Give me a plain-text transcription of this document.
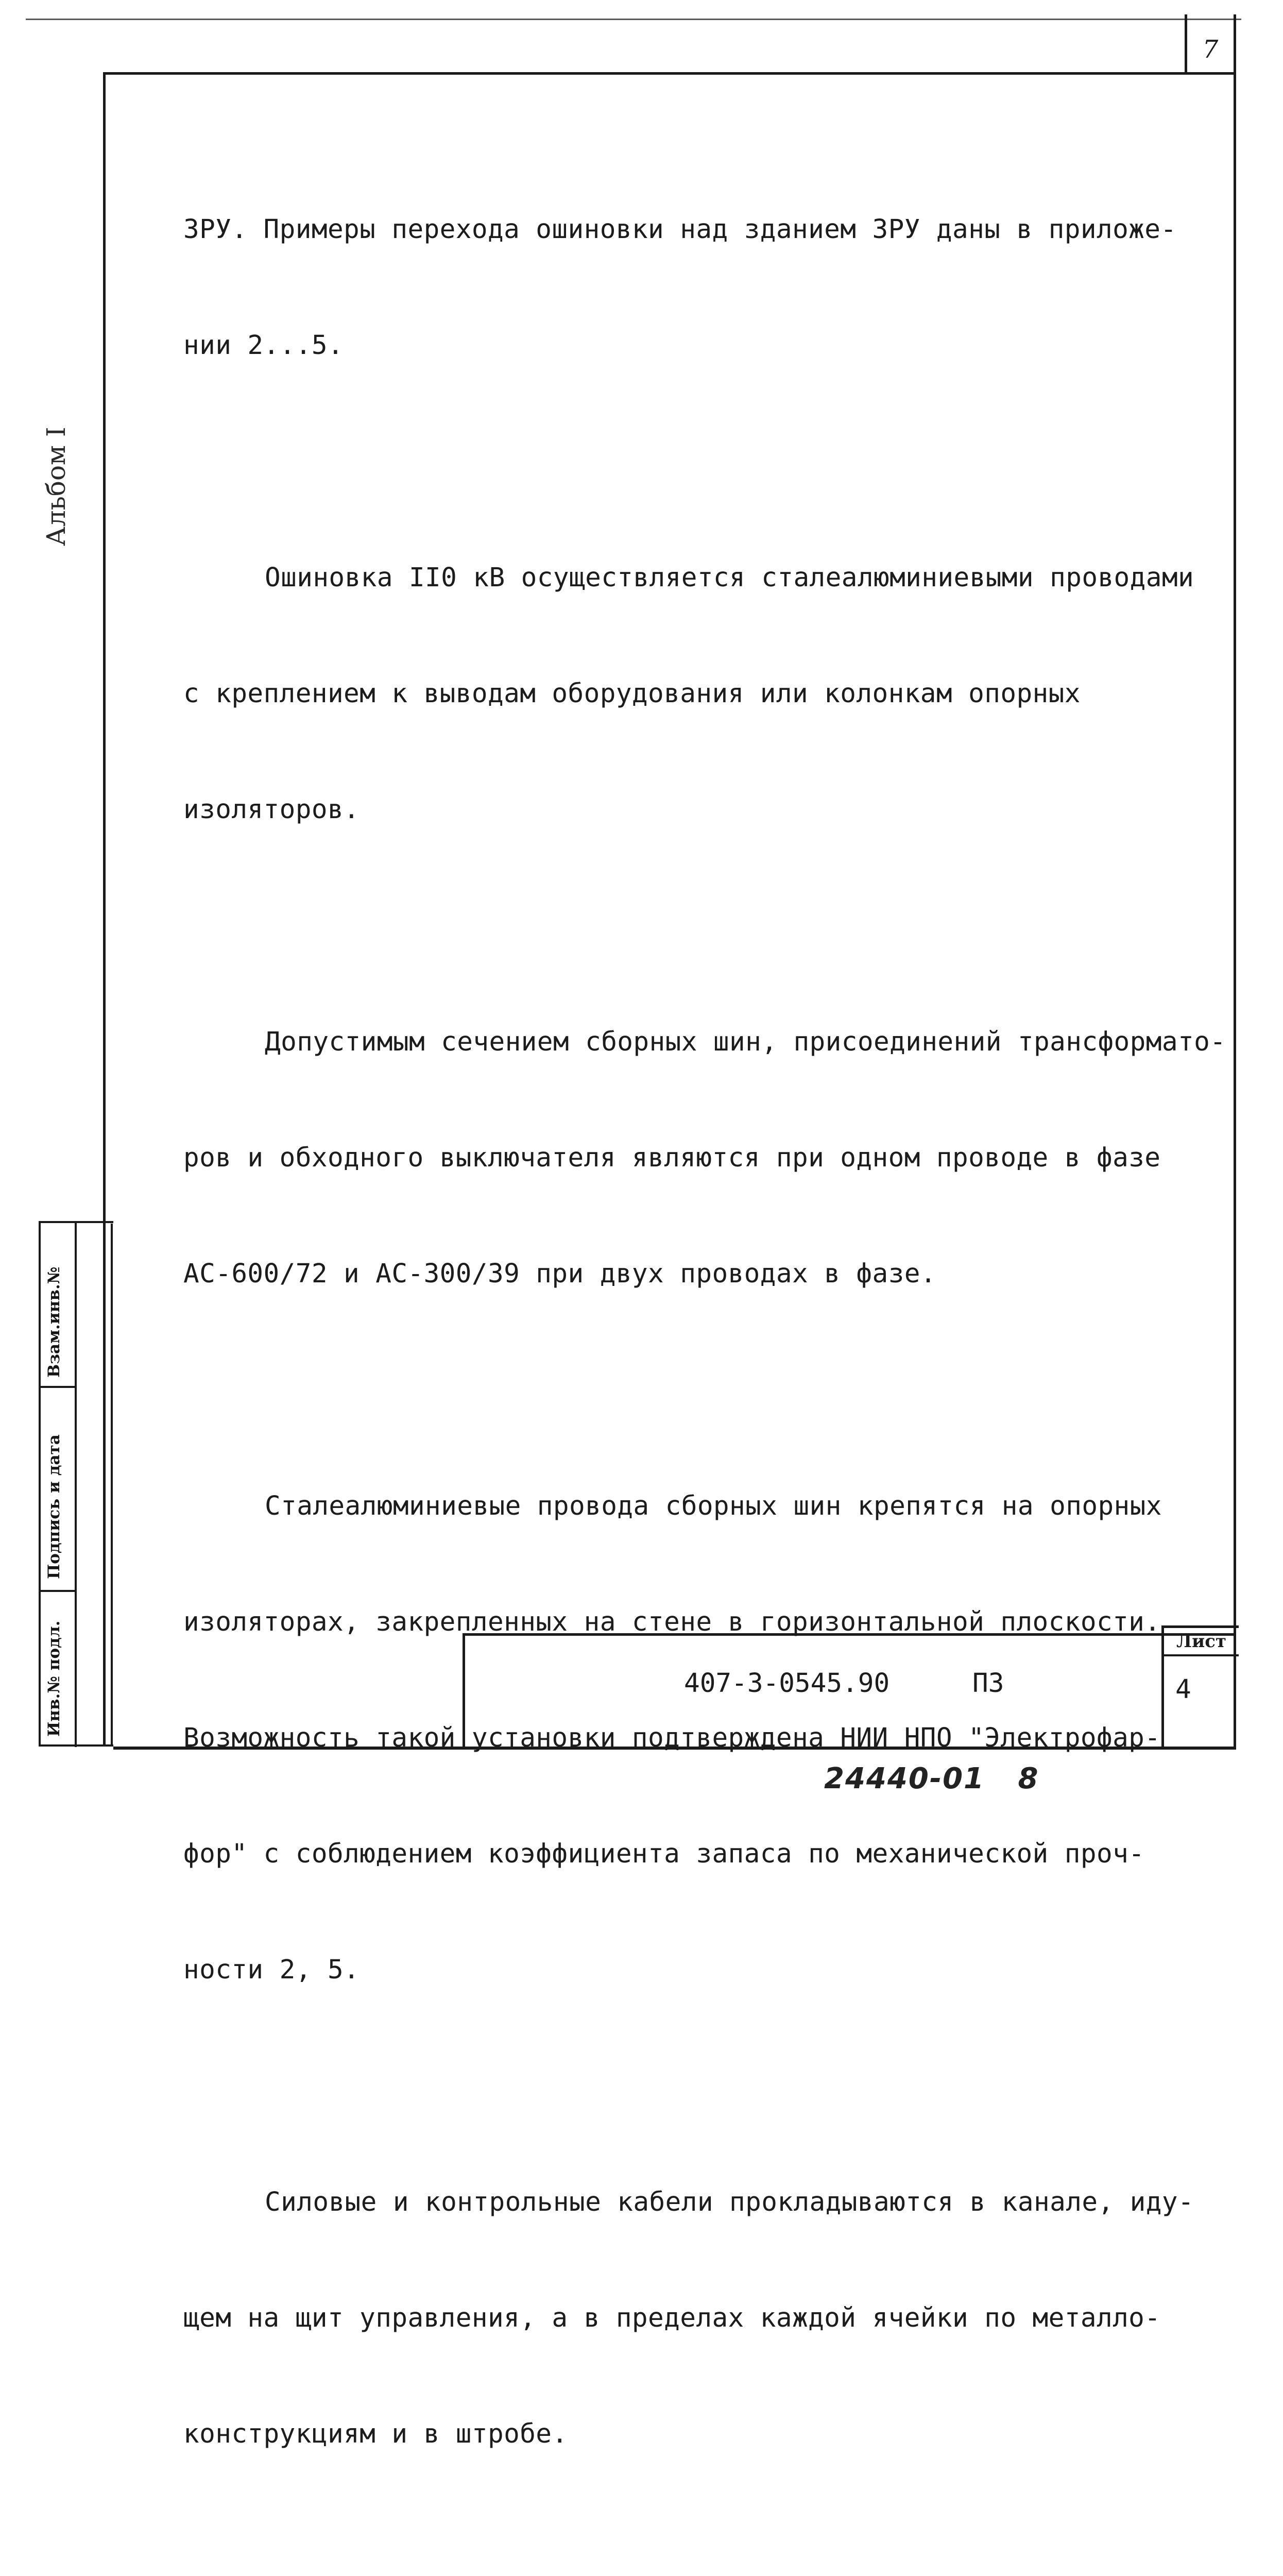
7
Альбом I
Взам.инв.№
Подпись и дата
Инв.№ подл.

ЗРУ. Примеры перехода ошиновки над зданием ЗРУ даны в приложе-

нии 2...5.

Ошиновка II0 кВ осуществляется сталеалюминиевыми проводами

с креплением к выводам оборудования или колонкам опорных

изоляторов.

Допустимым сечением сборных шин, присоединений трансформато-

ров и обходного выключателя являются при одном проводе в фазе

АС-600/72 и АС-300/39 при двух проводах в фазе.

Сталеалюминиевые провода сборных шин крепятся на опорных

изоляторах, закрепленных на стене в горизонтальной плоскости.

Возможность такой установки подтверждена НИИ НПО "Электрофар-

фор" с соблюдением коэффициента запаса по механической проч-

ности 2, 5.

Силовые и контрольные кабели прокладываются в канале, иду-

щем на щит управления, а в пределах каждой ячейки по металло-

конструкциям и в штробе.

407-3-0545.90	ПЗ
Лист
4
24440-01   8
